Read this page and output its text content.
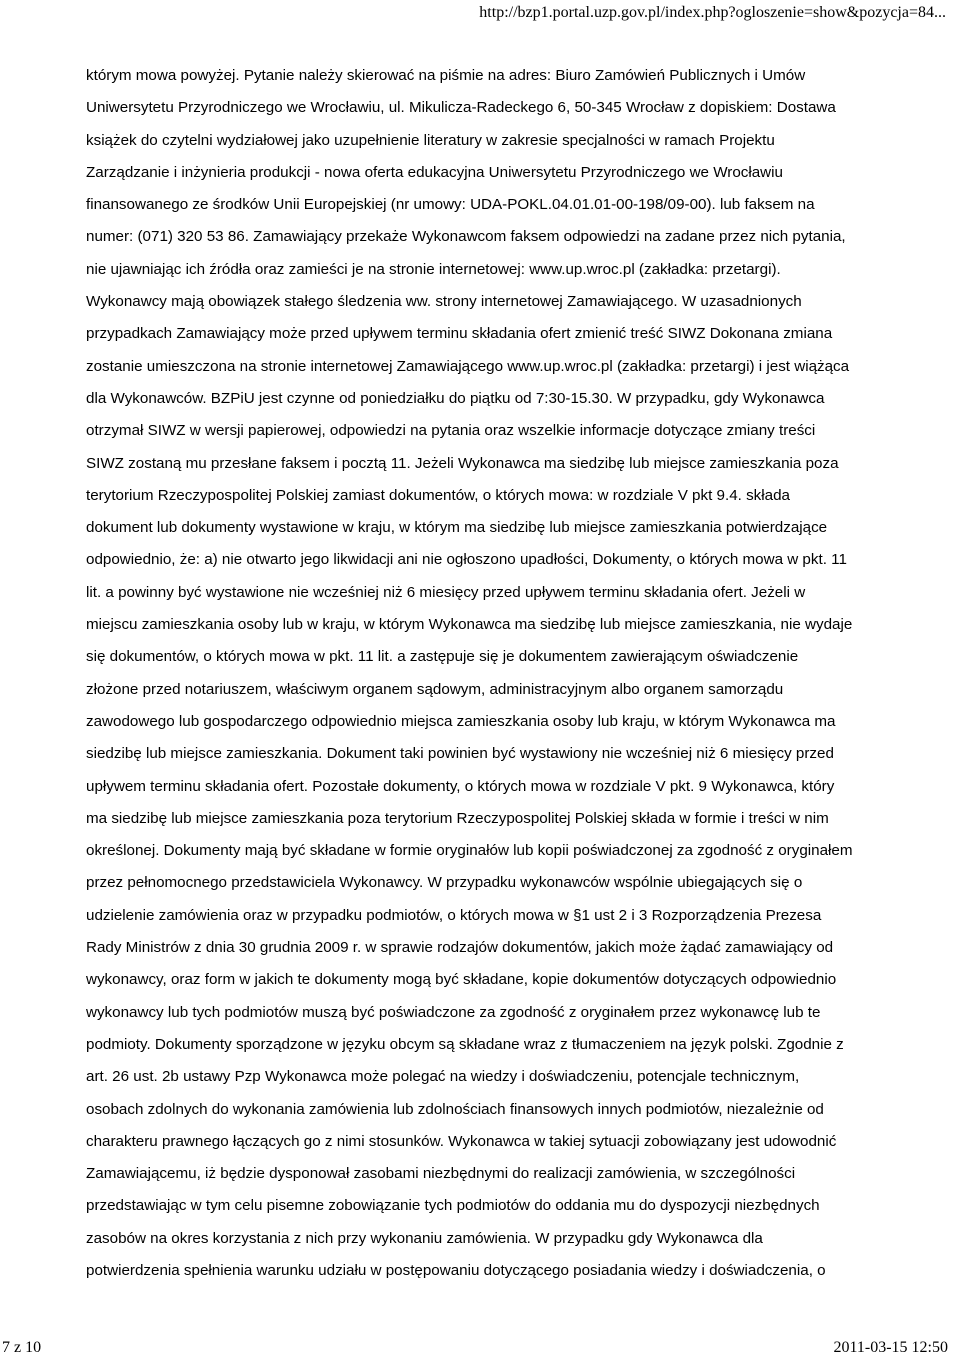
http://bzp1.portal.uzp.gov.pl/index.php?ogloszenie=show&pozycja=84...
którym mowa powyżej. Pytanie należy skierować na piśmie na adres: Biuro Zamówień Publicznych i Umów
Uniwersytetu Przyrodniczego we Wrocławiu, ul. Mikulicza-Radeckego 6, 50-345 Wrocław z dopiskiem: Dostawa
książek do czytelni wydziałowej jako uzupełnienie literatury w zakresie specjalności w ramach Projektu
Zarządzanie i inżynieria produkcji - nowa oferta edukacyjna Uniwersytetu Przyrodniczego we Wrocławiu
finansowanego ze środków Unii Europejskiej (nr umowy: UDA-POKL.04.01.01-00-198/09-00). lub faksem na
numer: (071) 320 53 86. Zamawiający przekaże Wykonawcom faksem odpowiedzi na zadane przez nich pytania,
nie ujawniając ich źródła oraz zamieści je na stronie internetowej: www.up.wroc.pl (zakładka: przetargi).
Wykonawcy mają obowiązek stałego śledzenia ww. strony internetowej Zamawiającego. W uzasadnionych
przypadkach Zamawiający może przed upływem terminu składania ofert zmienić treść SIWZ Dokonana zmiana
zostanie umieszczona na stronie internetowej Zamawiającego www.up.wroc.pl (zakładka: przetargi) i jest wiążąca
dla Wykonawców. BZPiU jest czynne od poniedziałku do piątku od 7:30-15.30. W przypadku, gdy Wykonawca
otrzymał SIWZ w wersji papierowej, odpowiedzi na pytania oraz wszelkie informacje dotyczące zmiany treści
SIWZ zostaną mu przesłane faksem i pocztą 11. Jeżeli Wykonawca ma siedzibę lub miejsce zamieszkania poza
terytorium Rzeczypospolitej Polskiej zamiast dokumentów, o których mowa: w rozdziale V pkt 9.4. składa
dokument lub dokumenty wystawione w kraju, w którym ma siedzibę lub miejsce zamieszkania potwierdzające
odpowiednio, że: a) nie otwarto jego likwidacji ani nie ogłoszono upadłości, Dokumenty, o których mowa w pkt. 11
lit. a powinny być wystawione nie wcześniej niż 6 miesięcy przed upływem terminu składania ofert. Jeżeli w
miejscu zamieszkania osoby lub w kraju, w którym Wykonawca ma siedzibę lub miejsce zamieszkania, nie wydaje
się dokumentów, o których mowa w pkt. 11 lit. a zastępuje się je dokumentem zawierającym oświadczenie
złożone przed notariuszem, właściwym organem sądowym, administracyjnym albo organem samorządu
zawodowego lub gospodarczego odpowiednio miejsca zamieszkania osoby lub kraju, w którym Wykonawca ma
siedzibę lub miejsce zamieszkania. Dokument taki powinien być wystawiony nie wcześniej niż 6 miesięcy przed
upływem terminu składania ofert. Pozostałe dokumenty, o których mowa w rozdziale V pkt. 9 Wykonawca, który
ma siedzibę lub miejsce zamieszkania poza terytorium Rzeczypospolitej Polskiej składa w formie i treści w nim
określonej. Dokumenty mają być składane w formie oryginałów lub kopii poświadczonej za zgodność z oryginałem
przez pełnomocnego przedstawiciela Wykonawcy. W przypadku wykonawców wspólnie ubiegających się o
udzielenie zamówienia oraz w przypadku podmiotów, o których mowa w §1 ust 2 i 3 Rozporządzenia Prezesa
Rady Ministrów z dnia 30 grudnia 2009 r. w sprawie rodzajów dokumentów, jakich może żądać zamawiający od
wykonawcy, oraz form w jakich te dokumenty mogą być składane, kopie dokumentów dotyczących odpowiednio
wykonawcy lub tych podmiotów muszą być poświadczone za zgodność z oryginałem przez wykonawcę lub te
podmioty. Dokumenty sporządzone w języku obcym są składane wraz z tłumaczeniem na język polski. Zgodnie z
art. 26 ust. 2b ustawy Pzp Wykonawca może polegać na wiedzy i doświadczeniu, potencjale technicznym,
osobach zdolnych do wykonania zamówienia lub zdolnościach finansowych innych podmiotów, niezależnie od
charakteru prawnego łączących go z nimi stosunków. Wykonawca w takiej sytuacji zobowiązany jest udowodnić
Zamawiającemu, iż będzie dysponował zasobami niezbędnymi do realizacji zamówienia, w szczególności
przedstawiając w tym celu pisemne zobowiązanie tych podmiotów do oddania mu do dyspozycji niezbędnych
zasobów na okres korzystania z nich przy wykonaniu zamówienia. W przypadku gdy Wykonawca dla
potwierdzenia spełnienia warunku udziału w postępowaniu dotyczącego posiadania wiedzy i doświadczenia, o
7 z 10	2011-03-15 12:50
